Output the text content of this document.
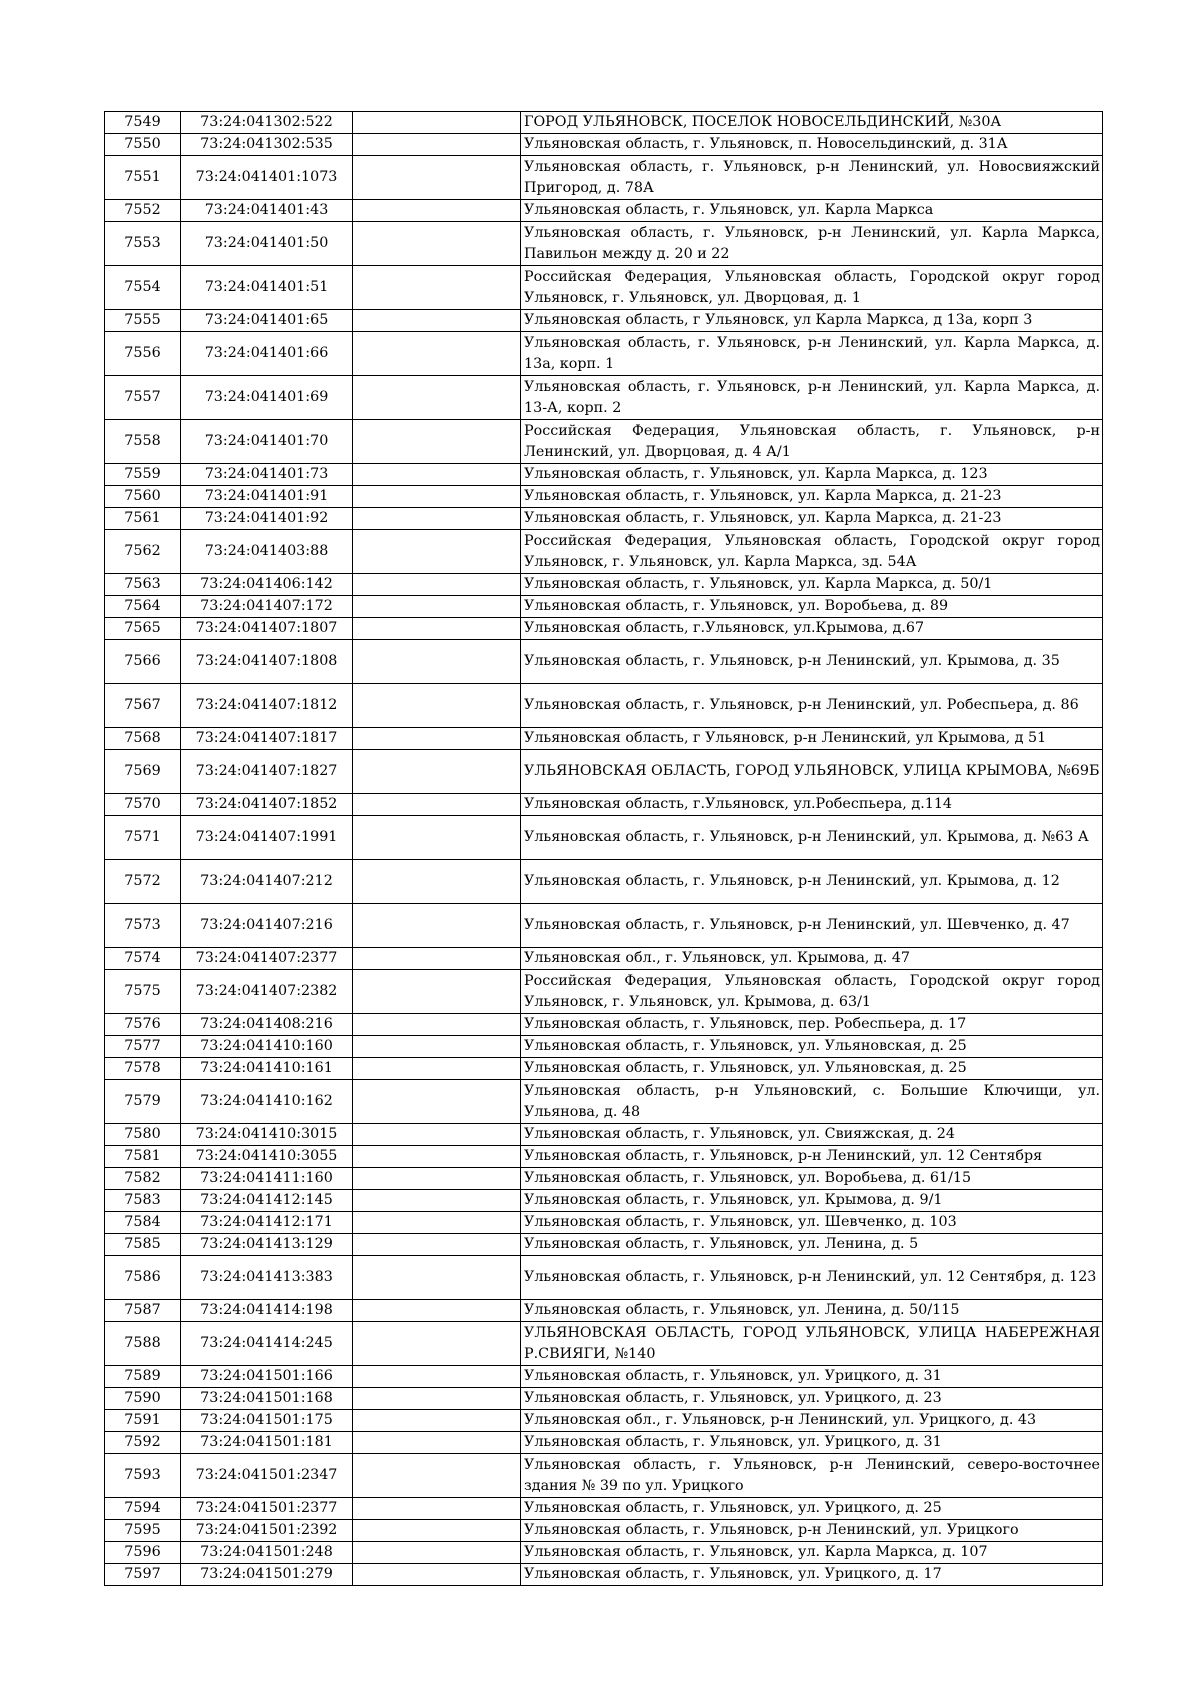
7549	73:24:041302:522		ГОРОД УЛЬЯНОВСК, ПОСЕЛОК НОВОСЕЛЬДИНСКИЙ, №30А
7550	73:24:041302:535		Ульяновская область, г. Ульяновск, п. Новосельдинский, д. 31А
7551	73:24:041401:1073		Ульяновская область, г. Ульяновск, р-н Ленинский, ул. Новосвияжский Пригород, д. 78А
7552	73:24:041401:43		Ульяновская область, г. Ульяновск, ул. Карла Маркса
7553	73:24:041401:50		Ульяновская область, г. Ульяновск, р-н Ленинский, ул. Карла Маркса, Павильон между д. 20 и 22
7554	73:24:041401:51		Российская Федерация, Ульяновская область, Городской округ город Ульяновск, г. Ульяновск, ул. Дворцовая, д. 1
7555	73:24:041401:65		Ульяновская область, г Ульяновск, ул Карла Маркса, д 13а, корп 3
7556	73:24:041401:66		Ульяновская область, г. Ульяновск, р-н Ленинский, ул. Карла Маркса, д. 13а, корп. 1
7557	73:24:041401:69		Ульяновская область, г. Ульяновск, р-н Ленинский, ул. Карла Маркса, д. 13-А, корп. 2
7558	73:24:041401:70		Российская Федерация, Ульяновская область, г. Ульяновск, р-н Ленинский, ул. Дворцовая, д. 4 А/1
7559	73:24:041401:73		Ульяновская область, г. Ульяновск, ул. Карла Маркса, д. 123
7560	73:24:041401:91		Ульяновская область, г. Ульяновск, ул. Карла Маркса, д. 21-23
7561	73:24:041401:92		Ульяновская область, г. Ульяновск, ул. Карла Маркса, д. 21-23
7562	73:24:041403:88		Российская Федерация, Ульяновская область, Городской округ город Ульяновск, г. Ульяновск, ул. Карла Маркса, зд. 54А
7563	73:24:041406:142		Ульяновская область, г. Ульяновск, ул. Карла Маркса, д. 50/1
7564	73:24:041407:172		Ульяновская область, г. Ульяновск, ул. Воробьева, д. 89
7565	73:24:041407:1807		Ульяновская область, г.Ульяновск, ул.Крымова, д.67
7566	73:24:041407:1808		Ульяновская область, г. Ульяновск, р-н Ленинский, ул. Крымова, д. 35
7567	73:24:041407:1812		Ульяновская область, г. Ульяновск, р-н Ленинский, ул. Робеспьера, д. 86
7568	73:24:041407:1817		Ульяновская область, г Ульяновск, р-н Ленинский, ул Крымова, д 51
7569	73:24:041407:1827		УЛЬЯНОВСКАЯ ОБЛАСТЬ, ГОРОД УЛЬЯНОВСК, УЛИЦА КРЫМОВА, №69Б
7570	73:24:041407:1852		Ульяновская область, г.Ульяновск, ул.Робеспьера, д.114
7571	73:24:041407:1991		Ульяновская область, г. Ульяновск, р-н Ленинский, ул. Крымова, д. №63 А
7572	73:24:041407:212		Ульяновская область, г. Ульяновск, р-н Ленинский, ул. Крымова, д. 12
7573	73:24:041407:216		Ульяновская область, г. Ульяновск, р-н Ленинский, ул. Шевченко, д. 47
7574	73:24:041407:2377		Ульяновская обл., г. Ульяновск, ул. Крымова, д. 47
7575	73:24:041407:2382		Российская Федерация, Ульяновская область, Городской округ город Ульяновск, г. Ульяновск, ул. Крымова, д. 63/1
7576	73:24:041408:216		Ульяновская область, г. Ульяновск, пер. Робеспьера, д. 17
7577	73:24:041410:160		Ульяновская область, г. Ульяновск, ул. Ульяновская, д. 25
7578	73:24:041410:161		Ульяновская область, г. Ульяновск, ул. Ульяновская, д. 25
7579	73:24:041410:162		Ульяновская область, р-н Ульяновский, с. Большие Ключищи, ул. Ульянова, д. 48
7580	73:24:041410:3015		Ульяновская область, г. Ульяновск, ул. Свияжская, д. 24
7581	73:24:041410:3055		Ульяновская область, г. Ульяновск, р-н Ленинский, ул. 12 Сентября
7582	73:24:041411:160		Ульяновская область, г. Ульяновск, ул. Воробьева, д. 61/15
7583	73:24:041412:145		Ульяновская область, г. Ульяновск, ул. Крымова, д. 9/1
7584	73:24:041412:171		Ульяновская область, г. Ульяновск, ул. Шевченко, д. 103
7585	73:24:041413:129		Ульяновская область, г. Ульяновск, ул. Ленина, д. 5
7586	73:24:041413:383		Ульяновская область, г. Ульяновск, р-н Ленинский, ул. 12 Сентября, д. 123
7587	73:24:041414:198		Ульяновская область, г. Ульяновск, ул. Ленина, д. 50/115
7588	73:24:041414:245		УЛЬЯНОВСКАЯ ОБЛАСТЬ, ГОРОД УЛЬЯНОВСК, УЛИЦА НАБЕРЕЖНАЯ Р.СВИЯГИ, №140
7589	73:24:041501:166		Ульяновская область, г. Ульяновск, ул. Урицкого, д. 31
7590	73:24:041501:168		Ульяновская область, г. Ульяновск, ул. Урицкого, д. 23
7591	73:24:041501:175		Ульяновская обл., г. Ульяновск, р-н Ленинский, ул. Урицкого, д. 43
7592	73:24:041501:181		Ульяновская область, г. Ульяновск, ул. Урицкого, д. 31
7593	73:24:041501:2347		Ульяновская область, г. Ульяновск, р-н Ленинский, северо-восточнее здания № 39 по ул. Урицкого
7594	73:24:041501:2377		Ульяновская область, г. Ульяновск, ул. Урицкого, д. 25
7595	73:24:041501:2392		Ульяновская область, г. Ульяновск, р-н Ленинский, ул. Урицкого
7596	73:24:041501:248		Ульяновская область, г. Ульяновск, ул. Карла Маркса, д. 107
7597	73:24:041501:279		Ульяновская область, г. Ульяновск, ул. Урицкого, д. 17
